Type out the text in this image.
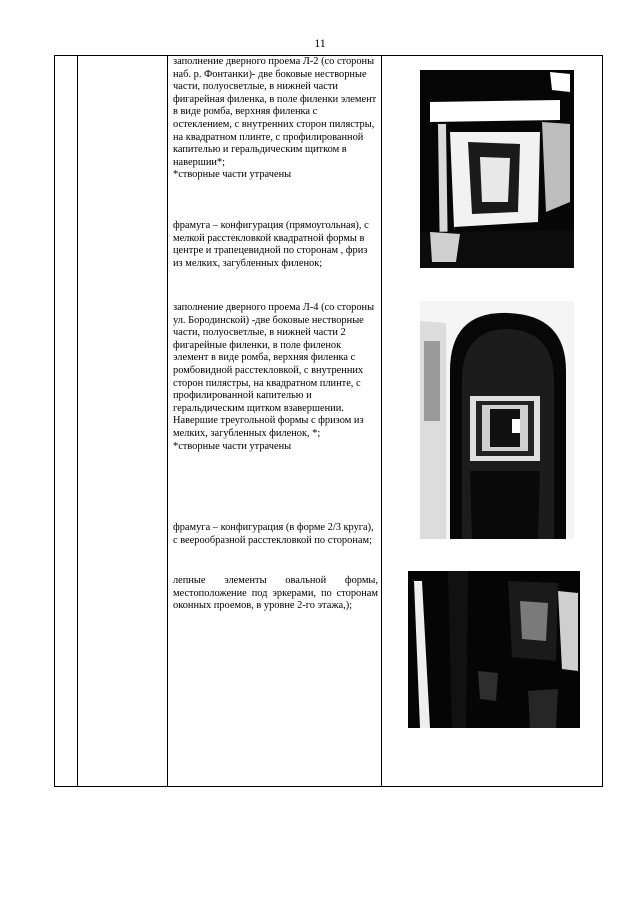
11

заполнение дверного проема Л-2 (со стороны наб. р. Фонтанки)- две боковые нестворные части, полуосветлые, в нижней части фигарейная филенка, в поле филенки элемент в виде ромба, верхняя филенка с остеклением, с внутренних сторон пилястры, на квадратном плинте, с профилированной капителью и геральдическим щитком в навершии*;

*створные части утрачены

фрамуга – конфигурация (прямоугольная), с мелкой расстекловкой квадратной формы в центре и трапецевидной по сторонам , фриз из мелких, загубленных филенок;

заполнение дверного проема Л-4 (со стороны ул. Бородинской) -две боковые нестворные части, полуосветлые, в нижней части 2 фигарейные филенки, в поле филенок элемент в виде ромба, верхняя филенка с ромбовидной расстекловкой, с внутренних сторон пилястры, на квадратном плинте, с профилированной капителью и геральдическим щитком взавершении. Навершие треугольной формы с фризом из мелких, загубленных филенок, *;

*створные части утрачены

фрамуга – конфигурация (в форме 2/3 круга), с веерообразной расстекловкой по сторонам;

лепные элементы овальной формы, местоположение под эркерами, по сторонам оконных проемов, в уровне 2-го этажа,);
